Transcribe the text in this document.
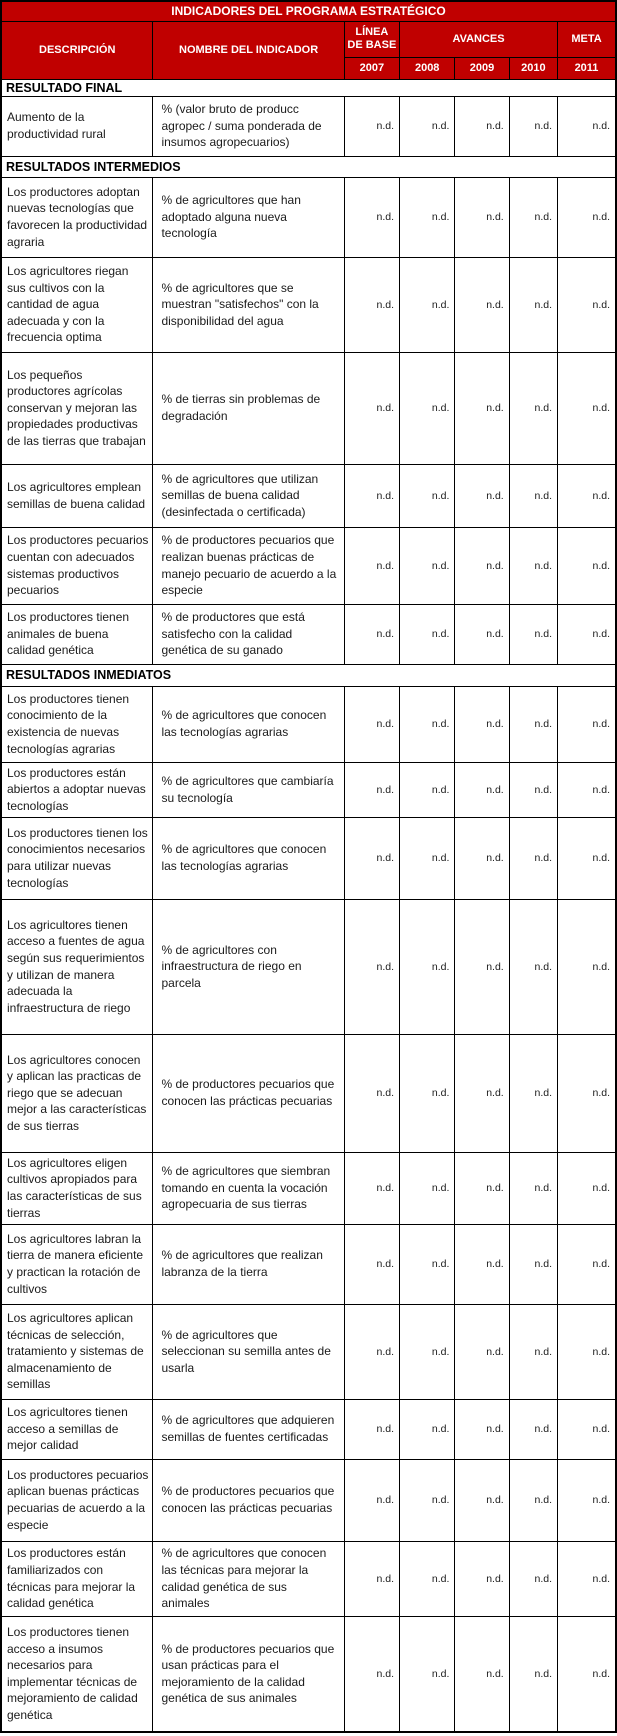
INDICADORES DEL PROGRAMA ESTRATÉGICO						
DESCRIPCIÓN	NOMBRE DEL INDICADOR	LÍNEA DE BASE	AVANCES			META
		2007	2008	2009	2010	2011
RESULTADO FINAL						
Aumento de la productividad rural	% (valor bruto de producc agropec / suma ponderada de insumos agropecuarios)	n.d.	n.d.	n.d.	n.d.	n.d.
RESULTADOS INTERMEDIOS						
Los productores adoptan nuevas tecnologías que favorecen la productividad agraria	% de agricultores que han adoptado alguna nueva tecnología	n.d.	n.d.	n.d.	n.d.	n.d.
Los agricultores riegan sus cultivos con la cantidad de agua adecuada y con la frecuencia optima	% de agricultores que se muestran "satisfechos" con la disponibilidad del agua	n.d.	n.d.	n.d.	n.d.	n.d.
Los pequeños productores agrícolas conservan y mejoran las propiedades productivas de las tierras que trabajan	% de tierras sin problemas de degradación	n.d.	n.d.	n.d.	n.d.	n.d.
Los agricultores emplean semillas de buena calidad	% de agricultores que utilizan semillas de buena calidad (desinfectada o certificada)	n.d.	n.d.	n.d.	n.d.	n.d.
Los productores pecuarios cuentan con adecuados sistemas productivos pecuarios	% de productores pecuarios que realizan buenas prácticas de manejo pecuario de acuerdo a la especie	n.d.	n.d.	n.d.	n.d.	n.d.
Los productores tienen animales de buena calidad genética	% de productores que está satisfecho con la calidad genética de su ganado	n.d.	n.d.	n.d.	n.d.	n.d.
RESULTADOS INMEDIATOS						
Los productores tienen conocimiento de la existencia de nuevas tecnologías agrarias	% de agricultores que conocen las tecnologías agrarias	n.d.	n.d.	n.d.	n.d.	n.d.
Los productores están abiertos a adoptar nuevas tecnologías	% de agricultores que cambiaría su tecnología	n.d.	n.d.	n.d.	n.d.	n.d.
Los productores tienen los conocimientos necesarios para utilizar nuevas tecnologías	% de agricultores que conocen las tecnologías agrarias	n.d.	n.d.	n.d.	n.d.	n.d.
Los agricultores tienen acceso a fuentes de agua según sus requerimientos y utilizan de manera adecuada la infraestructura de riego	% de agricultores con infraestructura de riego en parcela	n.d.	n.d.	n.d.	n.d.	n.d.
Los agricultores conocen y aplican las practicas de riego que se adecuan mejor a las características de sus tierras	% de productores pecuarios que conocen las prácticas pecuarias	n.d.	n.d.	n.d.	n.d.	n.d.
Los agricultores eligen cultivos apropiados para las características de sus tierras	% de agricultores que siembran tomando en cuenta la vocación agropecuaria de sus tierras	n.d.	n.d.	n.d.	n.d.	n.d.
Los agricultores labran la tierra de manera eficiente y practican la rotación de cultivos	% de agricultores que realizan labranza de la tierra	n.d.	n.d.	n.d.	n.d.	n.d.
Los agricultores aplican técnicas de selección, tratamiento y sistemas de almacenamiento de semillas	% de agricultores que seleccionan su semilla antes de usarla	n.d.	n.d.	n.d.	n.d.	n.d.
Los agricultores tienen acceso a semillas de mejor calidad	% de agricultores que adquieren semillas de fuentes certificadas	n.d.	n.d.	n.d.	n.d.	n.d.
Los productores pecuarios aplican buenas prácticas pecuarias de acuerdo a la especie	% de productores pecuarios que conocen las prácticas pecuarias	n.d.	n.d.	n.d.	n.d.	n.d.
Los productores están familiarizados con técnicas para mejorar la calidad genética	% de agricultores que conocen las técnicas para mejorar la calidad genética de sus animales	n.d.	n.d.	n.d.	n.d.	n.d.
Los productores tienen acceso a insumos necesarios para implementar técnicas de mejoramiento de calidad genética	% de productores pecuarios que usan prácticas para el mejoramiento de la calidad genética de sus animales	n.d.	n.d.	n.d.	n.d.	n.d.
